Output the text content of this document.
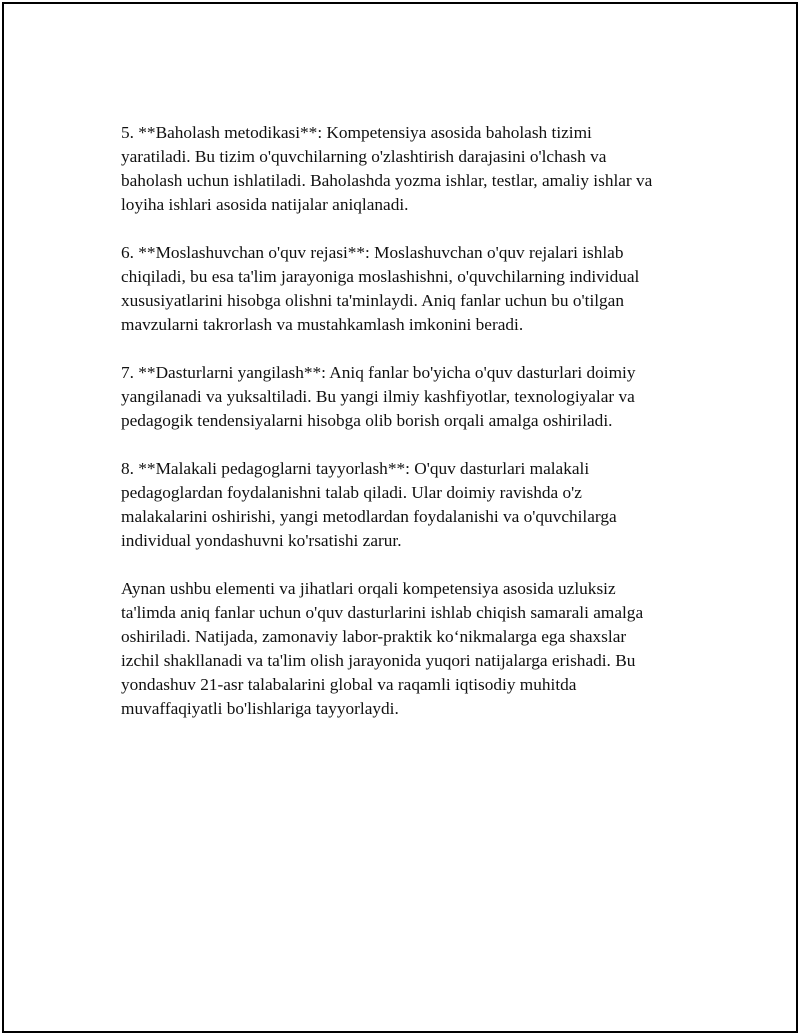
5. **Baholash metodikasi**: Kompetensiya asosida baholash tizimi
yaratiladi. Bu tizim o'quvchilarning o'zlashtirish darajasini o'lchash va
baholash uchun ishlatiladi. Baholashda yozma ishlar, testlar, amaliy ishlar va
loyiha ishlari asosida natijalar aniqlanadi.

6. **Moslashuvchan o'quv rejasi**: Moslashuvchan o'quv rejalari ishlab
chiqiladi, bu esa ta'lim jarayoniga moslashishni, o'quvchilarning individual
xususiyatlarini hisobga olishni ta'minlaydi. Aniq fanlar uchun bu o'tilgan
mavzularni takrorlash va mustahkamlash imkonini beradi.

7. **Dasturlarni yangilash**: Aniq fanlar bo'yicha o'quv dasturlari doimiy
yangilanadi va yuksaltiladi. Bu yangi ilmiy kashfiyotlar, texnologiyalar va
pedagogik tendensiyalarni hisobga olib borish orqali amalga oshiriladi.

8. **Malakali pedagoglarni tayyorlash**: O'quv dasturlari malakali
pedagoglardan foydalanishni talab qiladi. Ular doimiy ravishda o'z
malakalarini oshirishi, yangi metodlardan foydalanishi va o'quvchilarga
individual yondashuvni ko'rsatishi zarur.

Aynan ushbu elementi va jihatlari orqali kompetensiya asosida uzluksiz
ta'limda aniq fanlar uchun o'quv dasturlarini ishlab chiqish samarali amalga
oshiriladi. Natijada, zamonaviy labor-praktik ko‘nikmalarga ega shaxslar
izchil shakllanadi va ta'lim olish jarayonida yuqori natijalarga erishadi. Bu
yondashuv 21-asr talabalarini global va raqamli iqtisodiy muhitda
muvaffaqiyatli bo'lishlariga tayyorlaydi.
